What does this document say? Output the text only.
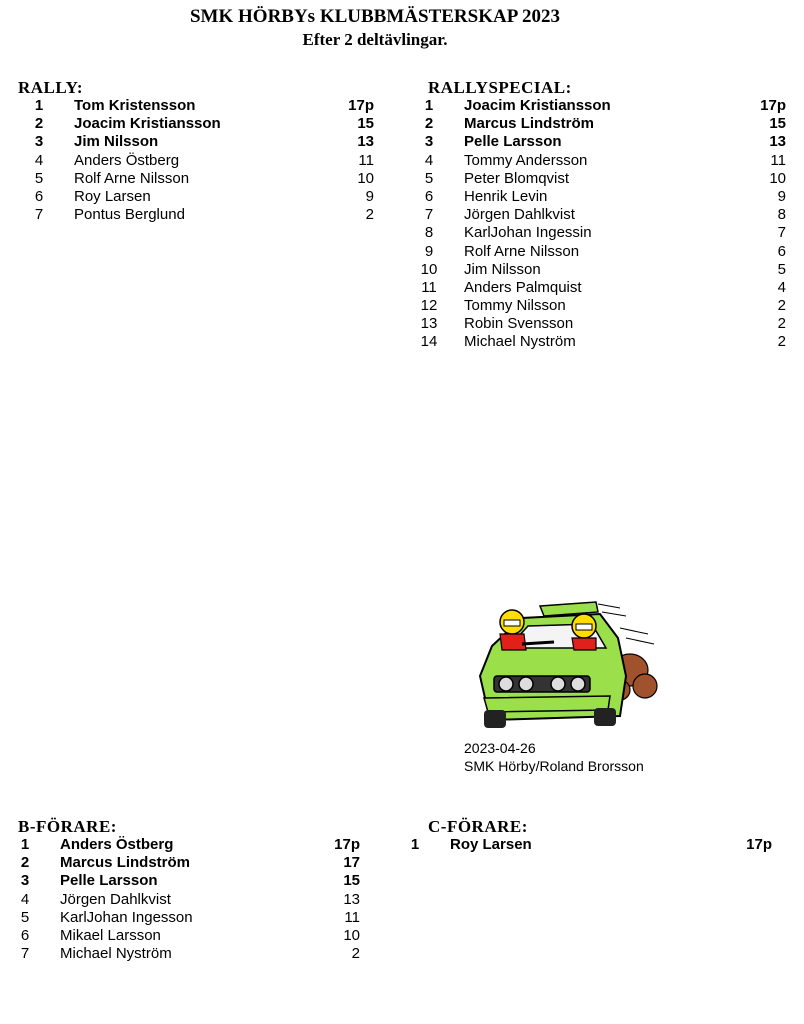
SMK HÖRBYs KLUBBMÄSTERSKAP 2023
Efter 2 deltävlingar.
RALLY:
1	Tom Kristensson	17p
2	Joacim Kristiansson	15
3	Jim Nilsson	13
4	Anders Östberg	11
5	Rolf Arne Nilsson	10
6	Roy Larsen	9
7	Pontus Berglund	2
RALLYSPECIAL:
1	Joacim Kristiansson	17p
2	Marcus Lindström	15
3	Pelle Larsson	13
4	Tommy Andersson	11
5	Peter Blomqvist	10
6	Henrik Levin	9
7	Jörgen Dahlkvist	8
8	KarlJohan Ingessin	7
9	Rolf Arne Nilsson	6
10	Jim Nilsson	5
11	Anders Palmquist	4
12	Tommy Nilsson	2
13	Robin Svensson	2
14	Michael Nyström	2
2023-04-26
SMK Hörby/Roland Brorsson
B-FÖRARE:
1	Anders Östberg	17p
2	Marcus Lindström	17
3	Pelle Larsson	15
4	Jörgen Dahlkvist	13
5	KarlJohan Ingesson	11
6	Mikael Larsson	10
7	Michael Nyström	2
C-FÖRARE:
1	Roy Larsen	17p
